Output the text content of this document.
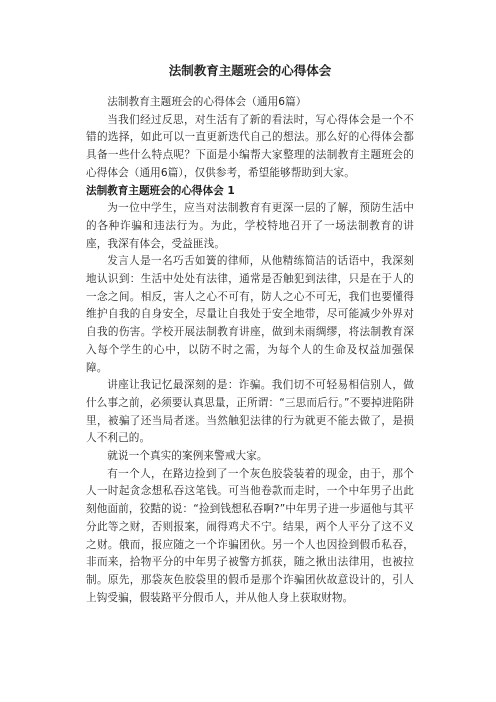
法制教育主题班会的心得体会

法制教育主题班会的心得体会（通用6篇）

当我们经过反思，对生活有了新的看法时，写心得体会是一个不错的选择，如此可以一直更新迭代自己的想法。那么好的心得体会都具备一些什么特点呢？下面是小编帮大家整理的法制教育主题班会的心得体会（通用6篇），仅供参考，希望能够帮助到大家。

法制教育主题班会的心得体会 1

为一位中学生，应当对法制教育有更深一层的了解，预防生活中的各种诈骗和违法行为。为此，学校特地召开了一场法制教育的讲座，我深有体会，受益匪浅。

发言人是一名巧舌如簧的律师，从他精练简洁的话语中，我深刻地认识到：生活中处处有法律，通常是否触犯到法律，只是在于人的一念之间。相反，害人之心不可有，防人之心不可无，我们也要懂得维护自我的自身安全，尽量让自我处于安全地带，尽可能减少外界对自我的伤害。学校开展法制教育讲座，做到未雨绸缪，将法制教育深入每个学生的心中，以防不时之需，为每个人的生命及权益加强保障。

讲座让我记忆最深刻的是：诈骗。我们切不可轻易相信别人，做什么事之前，必须要认真思量，正所谓：“三思而后行。”不要掉进陷阱里，被骗了还当局者迷。当然触犯法律的行为就更不能去做了，是损人不利己的。

就说一个真实的案例来警戒大家。

有一个人，在路边捡到了一个灰色胶袋装着的现金，由于，那个人一时起贪念想私吞这笔钱。可当他卷款而走时，一个中年男子出此刻他面前，狡黠的说：“捡到钱想私吞啊?”中年男子进一步逼他与其平分此等之财，否则报案，闹得鸡犬不宁。结果，两个人平分了这不义之财。俄而，报应随之一个诈骗团伙。另一个人也因捡到假币私吞，非而来，拾物平分的中年男子被警方抓获，随之揪出法律用，也被拉制。原先，那袋灰色胶袋里的假币是那个诈骗团伙故意设计的，引人上钩受骗，假装路平分假币人，并从他人身上获取财物。
